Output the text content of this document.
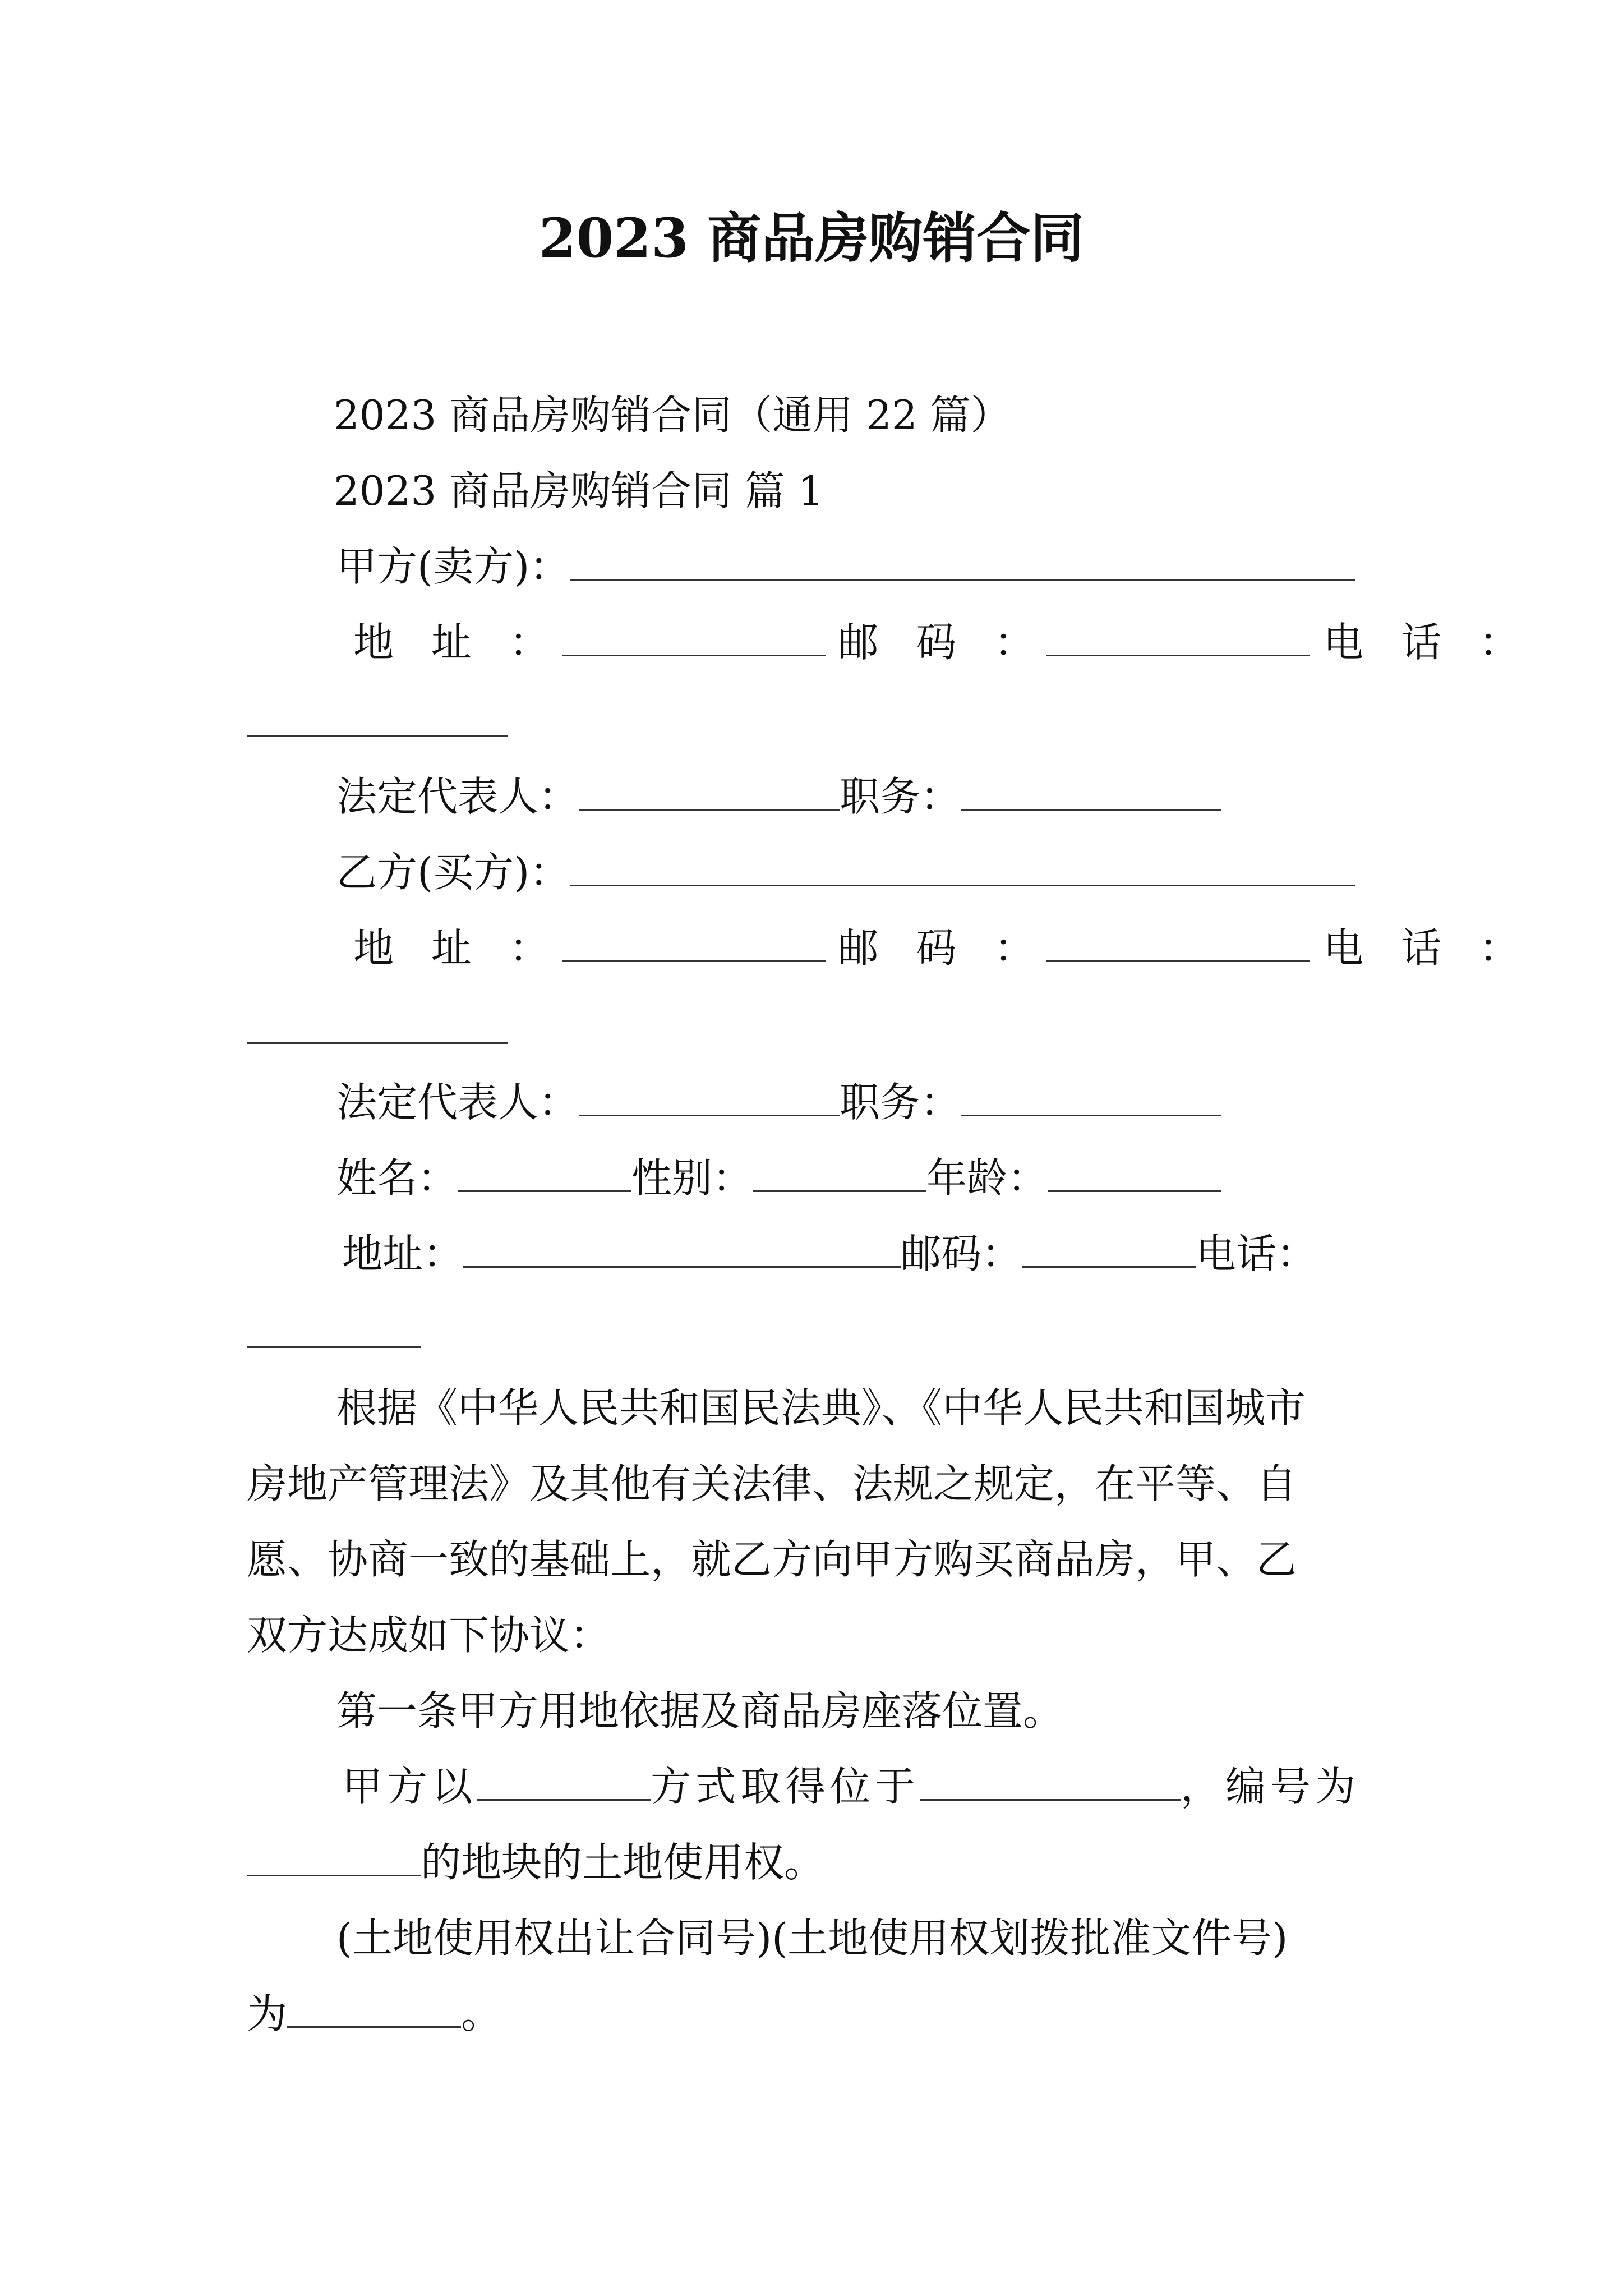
2023 商品房购销合同
2023 商品房购销合同（通用 22 篇）
2023 商品房购销合同 篇 1
甲方(卖方)：
地 址 ：	邮 码 ：	电 话 ：
法定代表人：	职务：
乙方(买方)：
地 址 ：	邮 码 ：	电 话 ：
法定代表人：	职务：
姓名：	性别：	年龄：
地址：	邮码：	电话：
根据《中华人民共和国民法典》、《中华人民共和国城市
房地产管理法》及其他有关法律、法规之规定，在平等、自
愿、协商一致的基础上，就乙方向甲方购买商品房，甲、乙
双方达成如下协议：
第一条甲方用地依据及商品房座落位置。
甲方以	方式取得位于	，编号为
的地块的土地使用权。
(土地使用权出让合同号)(土地使用权划拨批准文件号)
为	。
